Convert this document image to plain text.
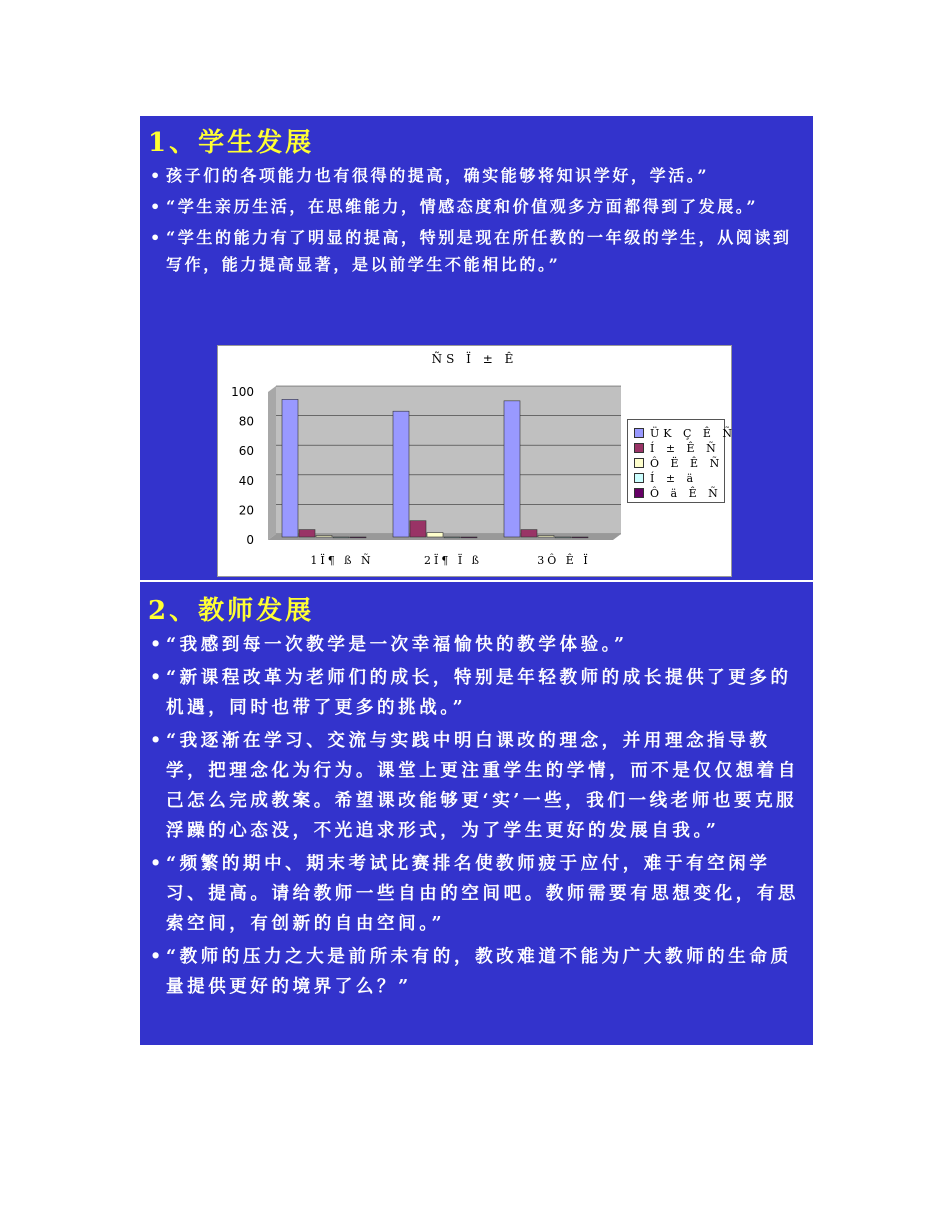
1、学生发展
• 孩子们的各项能力也有很得的提高，确实能够将知识学好，学活。”
• “学生亲历生活，在思维能力，情感态度和价值观多方面都得到了发展。”
• “学生的能力有了明显的提高，特别是现在所任教的一年级的学生，从阅读到写作，能力提高显著，是以前学生不能相比的。”
ÑS Ï ± Ê
0
20
40
60
80
100
1Ï¶ ß Ñ	2Ï¶ Ï ß	3Ô Ê Ï
ÜK Ç Ê Ñ
Í ± Ê Ñ
Ô Ë Ê Ñ
Í ± ä
Ô ä Ê Ñ
2、教师发展
• “我感到每一次教学是一次幸福愉快的教学体验。”
• “新课程改革为老师们的成长，特别是年轻教师的成长提供了更多的机遇，同时也带了更多的挑战。”
• “我逐渐在学习、交流与实践中明白课改的理念，并用理念指导教学，把理念化为行为。课堂上更注重学生的学情，而不是仅仅想着自己怎么完成教案。希望课改能够更‘实’一些，我们一线老师也要克服浮躁的心态没，不光追求形式，为了学生更好的发展自我。”
• “频繁的期中、期末考试比赛排名使教师疲于应付，难于有空闲学习、提高。请给教师一些自由的空间吧。教师需要有思想变化，有思索空间，有创新的自由空间。”
• “教师的压力之大是前所未有的，教改难道不能为广大教师的生命质量提供更好的境界了么？”
